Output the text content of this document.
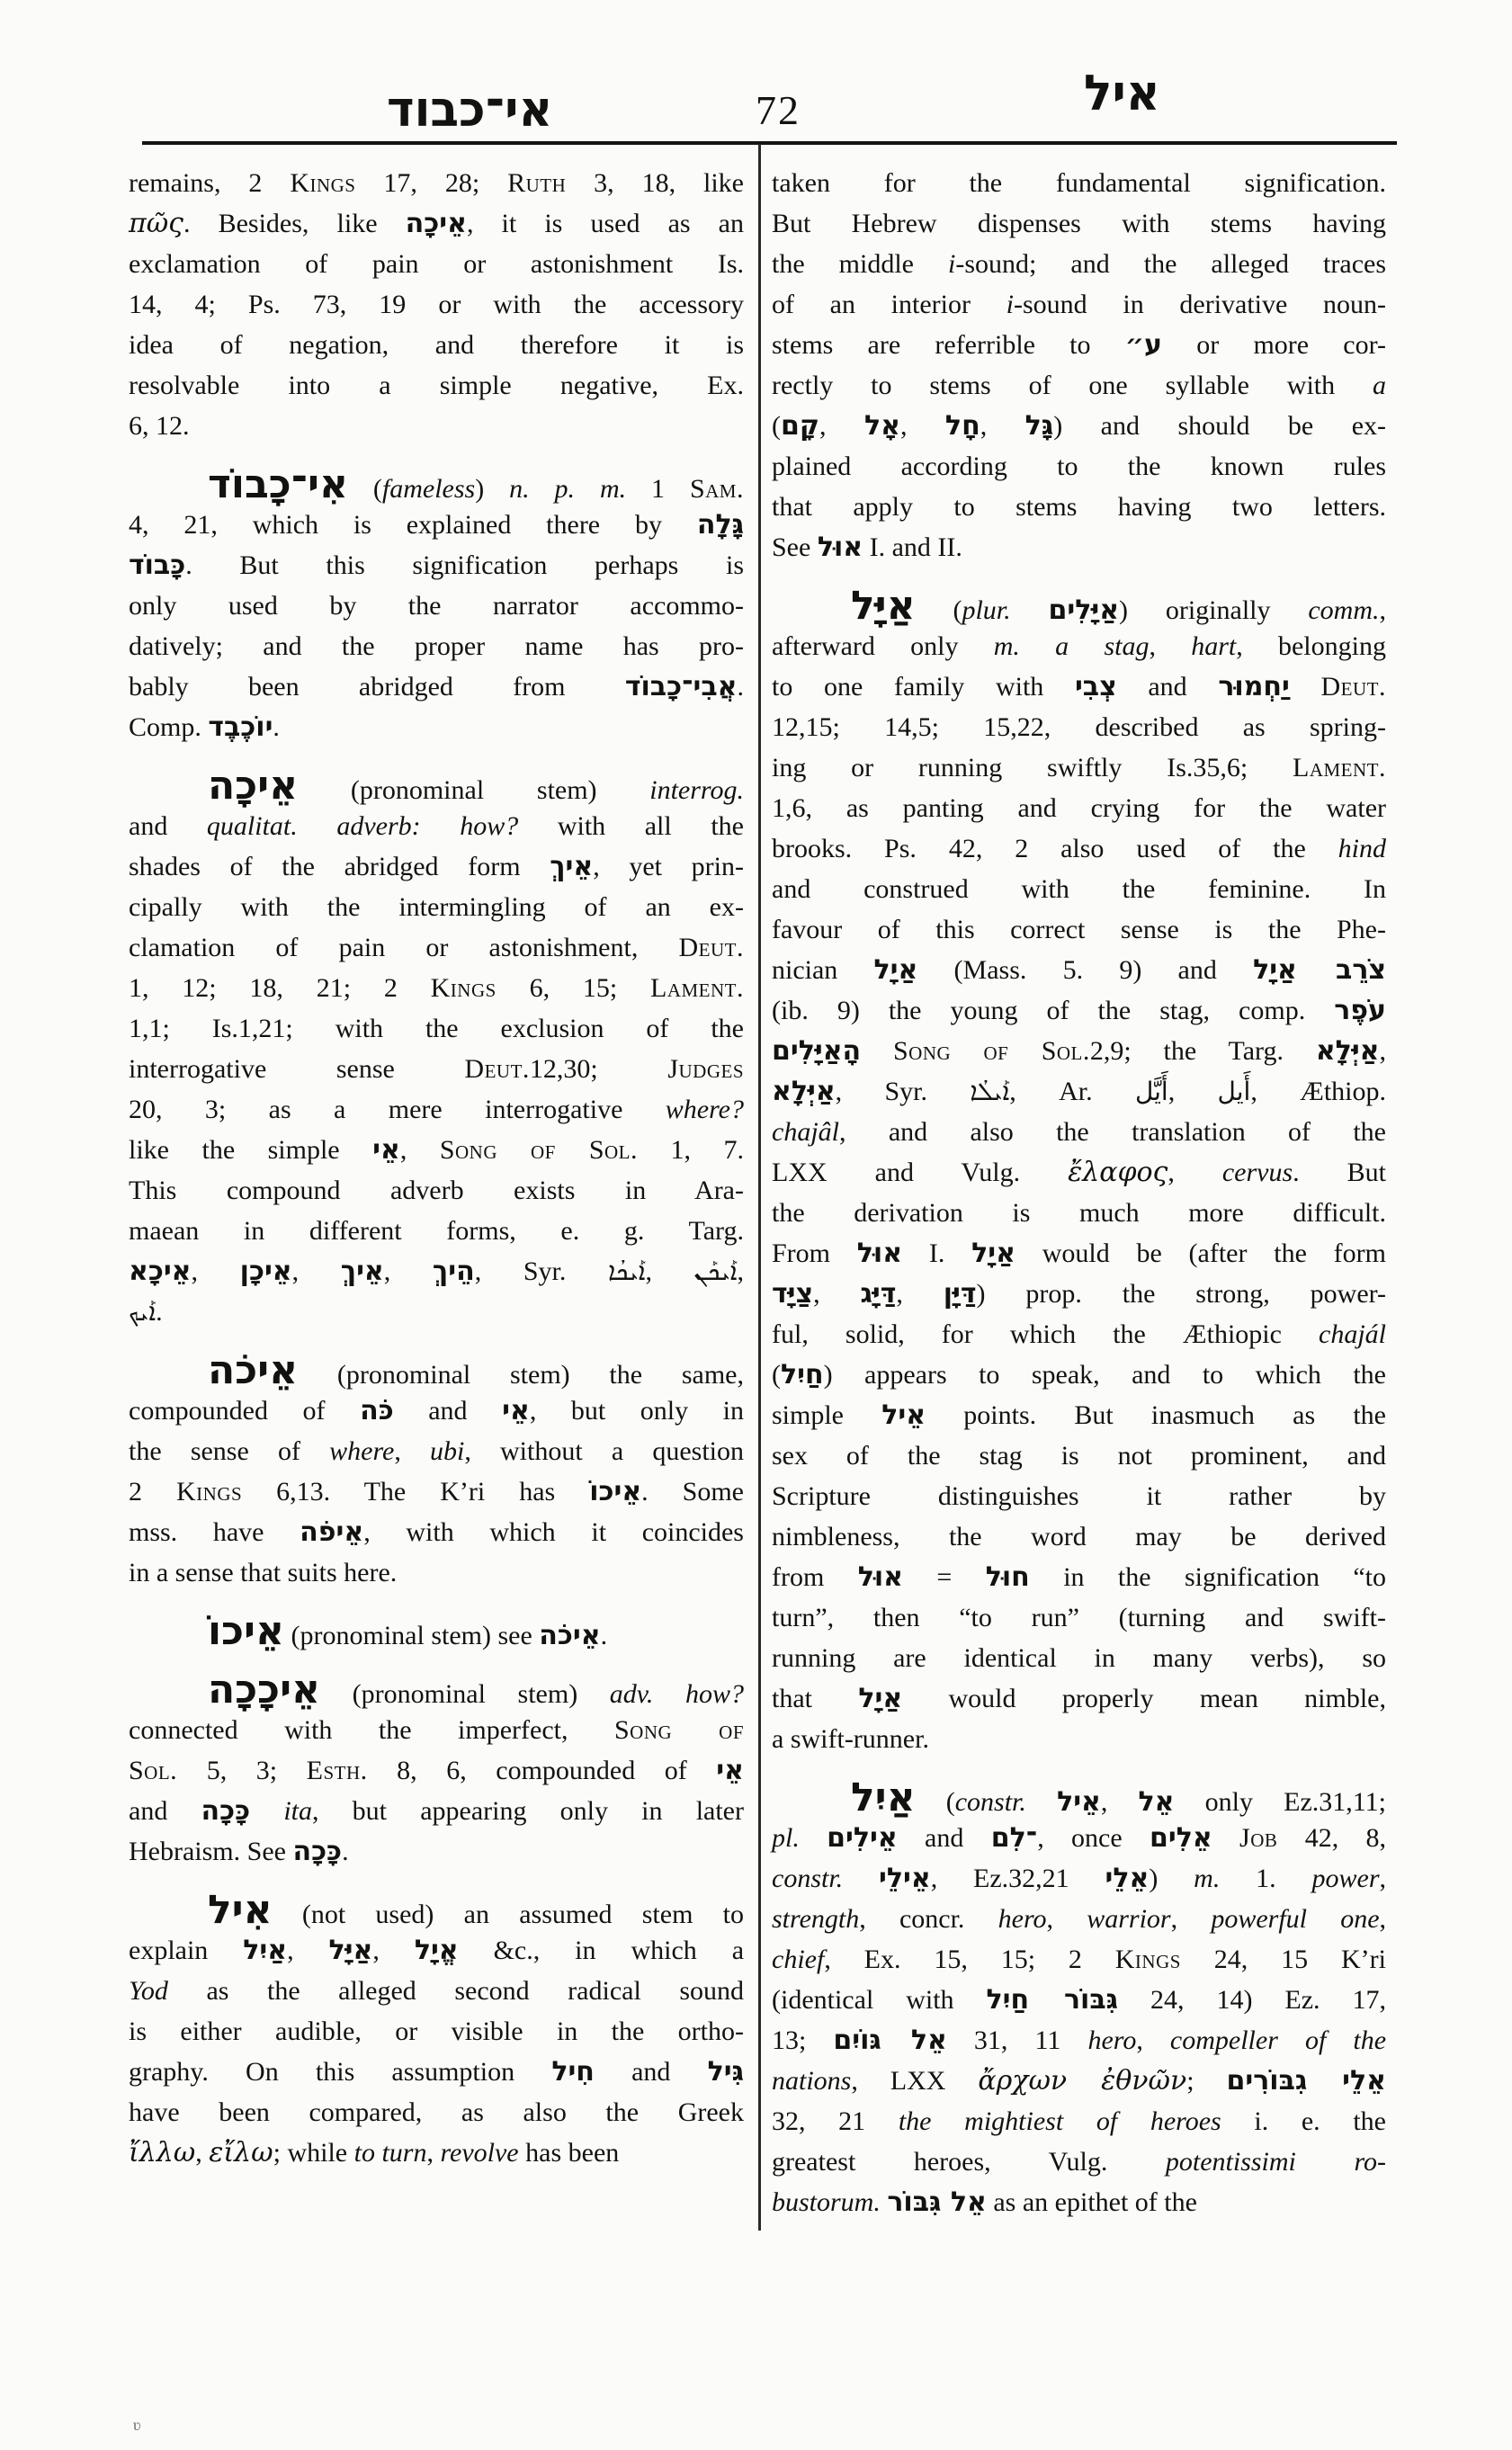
אי־כבוד	72	איל
remains, 2 Kings 17, 28; Ruth 3, 18, like
πῶς. Besides, like אֵיכָה, it is used as an
exclamation of pain or astonishment Is.
14, 4; Ps. 73, 19 or with the accessory
idea of negation, and therefore it is
resolvable into a simple negative, Ex.
6, 12.
אִי־כָבוֹד (fameless) n. p. m. 1 Sam.
4, 21, which is explained there by גָּלָה
כָּבוֹד. But this signification perhaps is
only used by the narrator accommo-
datively; and the proper name has pro-
bably been abridged from אֲבִי־כָבוֹד.
Comp. יוֹכֶבֶד.
אֵיכָה (pronominal stem) interrog.
and qualitat. adverb: how? with all the
shades of the abridged form אֵיךְ, yet prin-
cipally with the intermingling of an ex-
clamation of pain or astonishment, Deut.
1, 12; 18, 21; 2 Kings 6, 15; Lament.
1,1; Is.1,21; with the exclusion of the
interrogative sense Deut.12,30; Judges
20, 3; as a mere interrogative where?
like the simple אֵי, Song of Sol. 1, 7.
This compound adverb exists in Ara-
maean in different forms, e. g. Targ.
אֵיכָא, אֵיכָן, אֵיךְ, הֵיךְ, Syr. ܐܰܝܟܳܐ, ܐܰܝܟܰܢ,
ܐܰܝܟ.
אֵיכֹה (pronominal stem) the same,
compounded of כֹּה and אֵי, but only in
the sense of where, ubi, without a question
2 Kings 6,13. The K’ri has אֵיכוֹ. Some
mss. have אֵיפֹה, with which it coincides
in a sense that suits here.
אֵיכוֹ (pronominal stem) see אֵיכֹה.
אֵיכָכָה (pronominal stem) adv. how?
connected with the imperfect, Song of
Sol. 5, 3; Esth. 8, 6, compounded of אֵי
and כָּכָה ita, but appearing only in later
Hebraism. See כָּכָה.
אִיל (not used) an assumed stem to
explain אַיִל, אַיָּל, אֱיָל &c., in which a
Yod as the alleged second radical sound
is either audible, or visible in the ortho-
graphy. On this assumption חִיל and גִּיל
have been compared, as also the Greek
ἴλλω, εἴλω; while to turn, revolve has been
taken for the fundamental signification.
But Hebrew dispenses with stems having
the middle i-sound; and the alleged traces
of an interior i-sound in derivative noun-
stems are referrible to ע״ or more cor-
rectly to stems of one syllable with a
(קָם, אָל, חָל, גָּל) and should be ex-
plained according to the known rules
that apply to stems having two letters.
See אוּל I. and II.
אַיָּל (plur. אַיָּלִים) originally comm.,
afterward only m. a stag, hart, belonging
to one family with צְבִי and יַחְמוּר Deut.
12,15; 14,5; 15,22, described as spring-
ing or running swiftly Is.35,6; Lament.
1,6, as panting and crying for the water
brooks. Ps. 42, 2 also used of the hind
and construed with the feminine. In
favour of this correct sense is the Phe-
nician אַיָל (Mass. 5. 9) and צֹרֵב אַיָל
(ib. 9) the young of the stag, comp. עֹפֶר
הָאַיָּלִים Song of Sol.2,9; the Targ. אַיְּלָא,
אַיְּלָא, Syr. ܐܰܝܠܳܐ, Ar. أَيَّل, أَيل, Æthiop.
chajâl, and also the translation of the
LXX and Vulg. ἔλαφος, cervus. But
the derivation is much more difficult.
From אוּל I. אַיָל would be (after the form
צַיָּד, דַּיָּג, דַּיָּן) prop. the strong, power-
ful, solid, for which the Æthiopic chajál
(חַיִל) appears to speak, and to which the
simple אֵיל points. But inasmuch as the
sex of the stag is not prominent, and
Scripture distinguishes it rather by
nimbleness, the word may be derived
from אוּל = חוּל in the signification “to
turn”, then “to run” (turning and swift-
running are identical in many verbs), so
that אַיָל would properly mean nimble,
a swift-runner.
אַיִל (constr. אֵיל, אֵל only Ez.31,11;
pl. אֵילִים and ־לִם, once אֵלִים Job 42, 8,
constr. אֵילֵי, Ez.32,21 אֵלֵי) m. 1. power,
strength, concr. hero, warrior, powerful one,
chief, Ex. 15, 15; 2 Kings 24, 15 K’ri
(identical with גִּבּוֹר חַיִל 24, 14) Ez. 17,
13; אֵל גּוֹיִם 31, 11 hero, compeller of the
nations, LXX ἄρχων ἐθνῶν; אֵלֵי גִבּוֹרִים
32, 21 the mightiest of heroes i. e. the
greatest heroes, Vulg. potentissimi ro-
bustorum. אֵל גִּבּוֹר as an epithet of the
ʋ
